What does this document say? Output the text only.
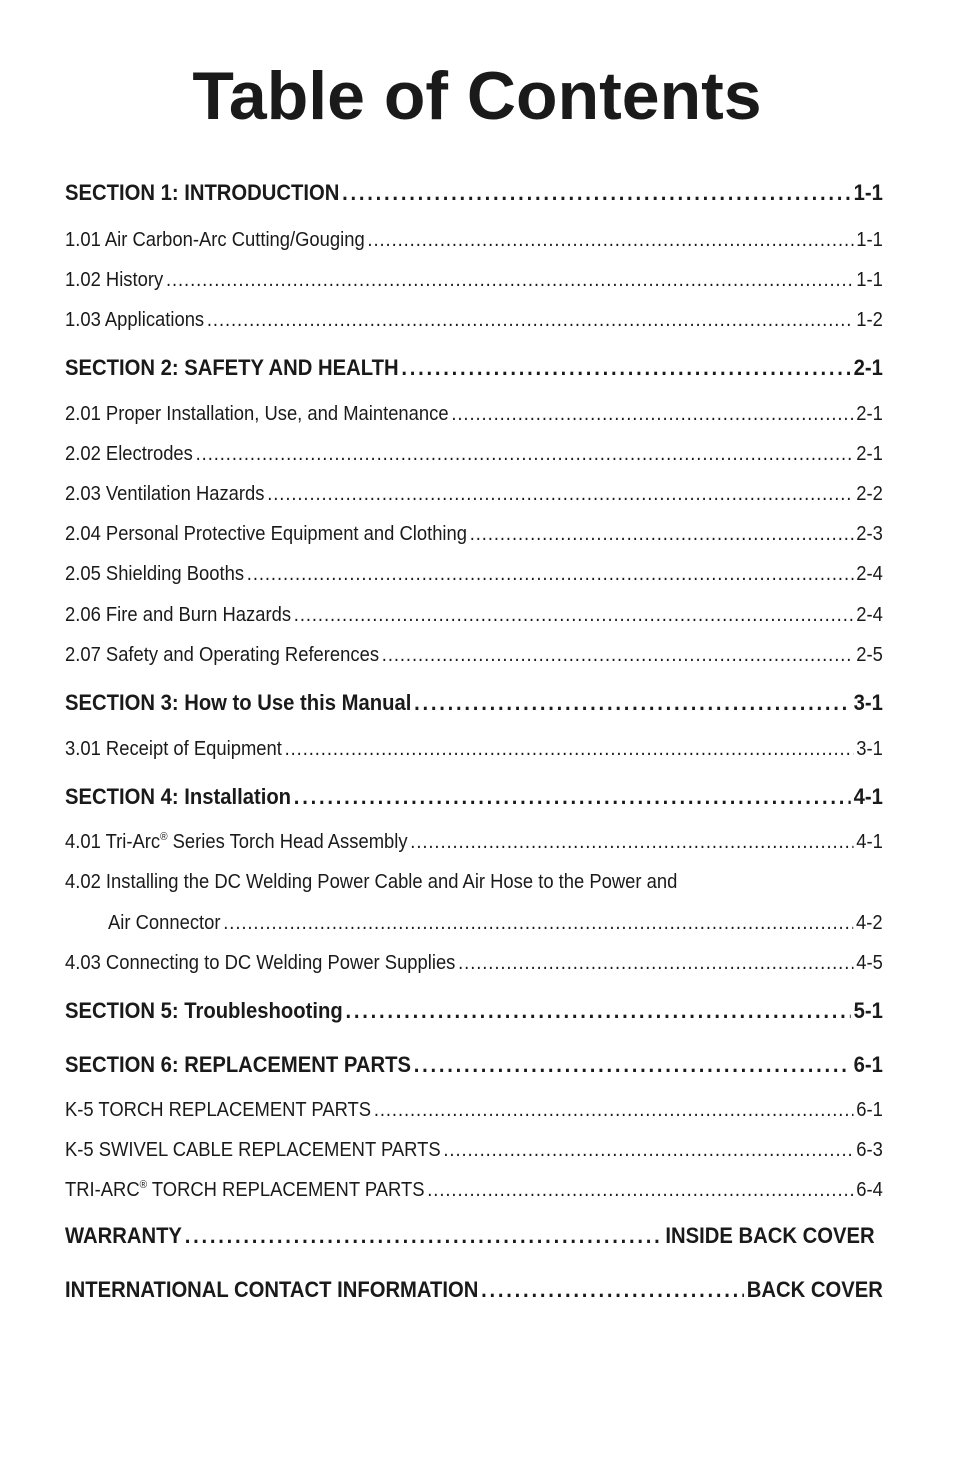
Table of Contents
SECTION 1: INTRODUCTION .....	1-1
1.01 Air Carbon-Arc Cutting/Gouging .....	1-1
1.02 History .....	1-1
1.03 Applications .....	1-2
SECTION 2: SAFETY AND HEALTH .....	2-1
2.01 Proper Installation, Use, and Maintenance .....	2-1
2.02 Electrodes .....	2-1
2.03 Ventilation Hazards .....	2-2
2.04 Personal Protective Equipment and Clothing .....	2-3
2.05 Shielding Booths .....	2-4
2.06 Fire and Burn Hazards .....	2-4
2.07 Safety and Operating References .....	2-5
SECTION 3: How to Use this Manual .....	3-1
3.01 Receipt of Equipment .....	3-1
SECTION 4: Installation .....	4-1
4.01 Tri-Arc® Series Torch Head Assembly .....	4-1
4.02 Installing the DC Welding Power Cable and Air Hose to the Power and
Air Connector .....	4-2
4.03 Connecting to DC Welding Power Supplies .....	4-5
SECTION 5: Troubleshooting .....	5-1
SECTION 6: REPLACEMENT PARTS .....	6-1
K-5 TORCH REPLACEMENT PARTS .....	6-1
K-5 SWIVEL CABLE REPLACEMENT PARTS .....	6-3
TRI-ARC® TORCH REPLACEMENT PARTS .....	6-4
WARRANTY .....	INSIDE BACK COVER
INTERNATIONAL CONTACT INFORMATION .....	BACK COVER
